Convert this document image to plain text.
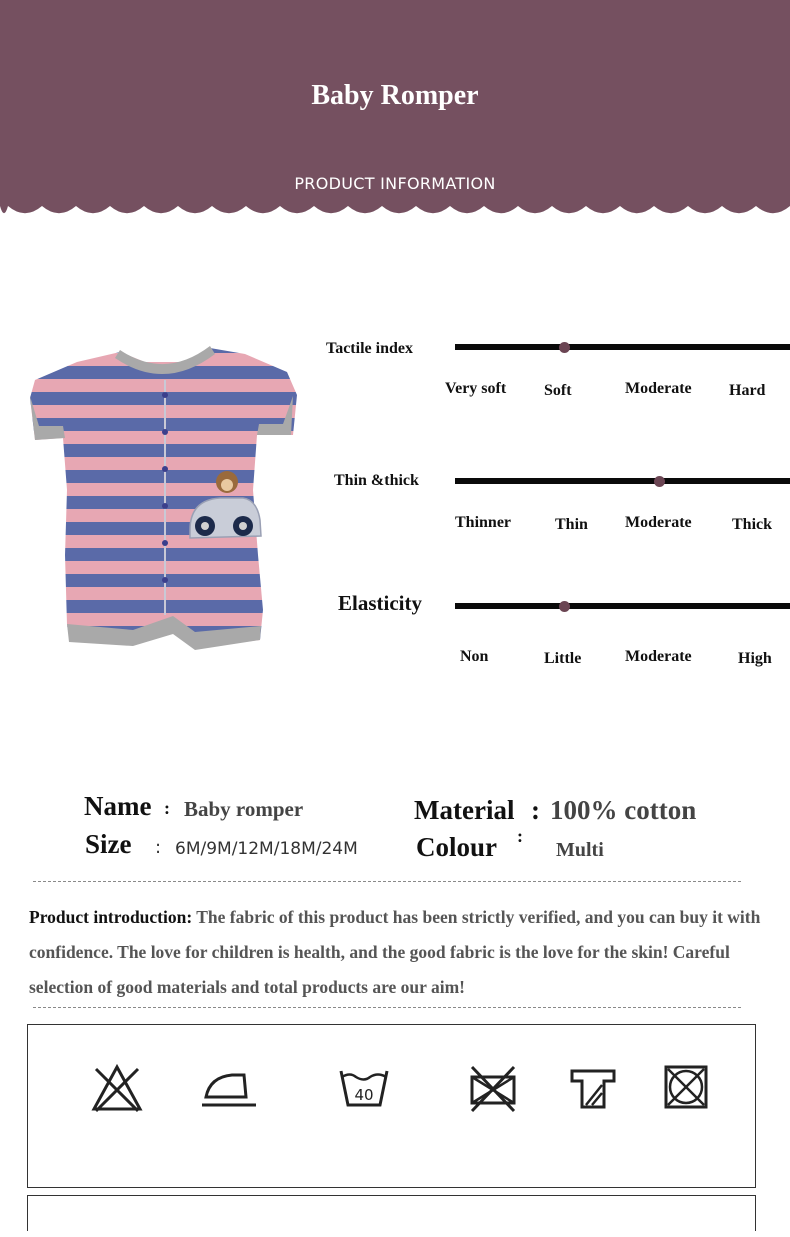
Baby Romper
PRODUCT INFORMATION
Tactile index
Very soft Soft	Moderate Hard
Thin &thick
Thinner	Thin Moderate	Thick
Elasticity
Non	Little	Moderate	High
Name : Baby romper
Size : 6M/9M/12M/18M/24M
Material : 100% cotton
Colour :
Multi
Product introduction: The fabric of this product has been strictly verified, and you can buy it with confidence. The love for children is health, and the good fabric is the love for the skin! Careful selection of good materials and total products are our aim!
40
